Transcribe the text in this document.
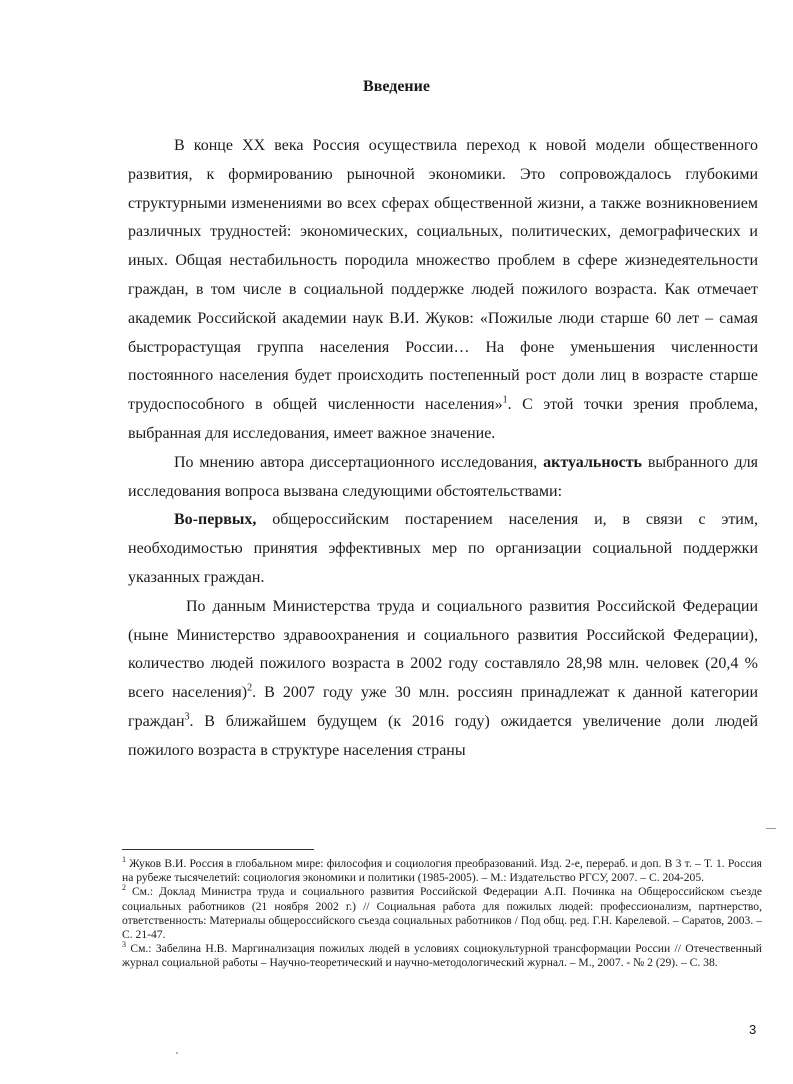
Введение

В конце XX века Россия осуществила переход к новой модели общественного развития, к формированию рыночной экономики. Это сопровождалось глубокими структурными изменениями во всех сферах общественной жизни, а также возникновением различных трудностей: экономических, социальных, политических, демографических и иных. Общая нестабильность породила множество проблем в сфере жизнедеятельности граждан, в том числе в социальной поддержке людей пожилого возраста. Как отмечает академик Российской академии наук В.И. Жуков: «Пожилые люди старше 60 лет – самая быстрорастущая группа населения России… На фоне уменьшения численности постоянного населения будет происходить постепенный рост доли лиц в возрасте старше трудоспособного в общей численности населения»$^1$. С этой точки зрения проблема, выбранная для исследования, имеет важное значение.

По мнению автора диссертационного исследования, актуальность выбранного для исследования вопроса вызвана следующими обстоятельствами:

Во-первых, общероссийским постарением населения и, в связи с этим, необходимостью принятия эффективных мер по организации социальной поддержки указанных граждан.

По данным Министерства труда и социального развития Российской Федерации (ныне Министерство здравоохранения и социального развития Российской Федерации), количество людей пожилого возраста в 2002 году составляло 28,98 млн. человек (20,4 % всего населения)$^2$. В 2007 году уже 30 млн. россиян принадлежат к данной категории граждан$^3$. В ближайшем будущем (к 2016 году) ожидается увеличение доли людей пожилого возраста в структуре населения страны

$^1$ Жуков В.И. Россия в глобальном мире: философия и социология преобразований. Изд. 2-е, перераб. и доп. В 3 т. – Т. 1. Россия на рубеже тысячелетий: социология экономики и политики (1985-2005). – М.: Издательство РГСУ, 2007. – С. 204-205.

$^2$ См.: Доклад Министра труда и социального развития Российской Федерации А.П. Починка на Общероссийском съезде социальных работников (21 ноября 2002 г.) // Социальная работа для пожилых людей: профессионализм, партнерство, ответственность: Материалы общероссийского съезда социальных работников / Под общ. ред. Г.Н. Карелевой. – Саратов, 2003. – С. 21-47.

$^3$ См.: Забелина Н.В. Маргинализация пожилых людей в условиях социокультурной трансформации России // Отечественный журнал социальной работы – Научно-теоретический и научно-методологический журнал. – М., 2007. - № 2 (29). – С. 38.

3
